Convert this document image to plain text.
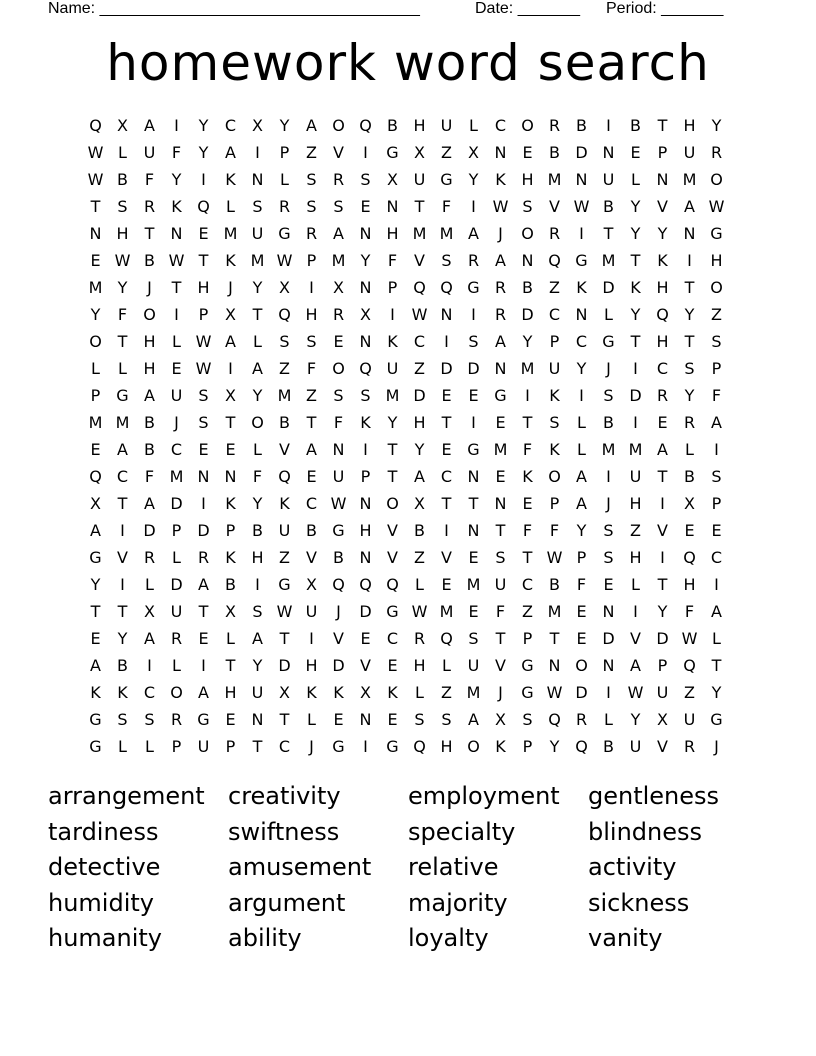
Name: ____________________________________	Date: _______ Period: _______
homework word search
Q X	A	I	Y	C X	Y	A O Q B H U	L	C O R B	I	B	T	H	Y
W L	U	F	Y	A	I	P	Z	V	I	G X	Z	X N E	B D N E	P	U R
W B	F	Y	I	K N	L	S	R	S	X U G Y	K H M N U	L	N M O
T	S	R	K Q	L	S	R	S	S	E N	T	F	I	W S	V W B	Y	V	A W
N H	T	N E M U G R A N H M M A	J	O R	I	T	Y	Y	N G
E W B W T	K M W P M Y	F	V	S	R A N Q G M T	K	I	H
M Y	J	T	H	J	Y	X	I	X N	P Q Q G R B	Z	K D K H	T O
Y	F	O	I	P	X	T Q H R X	I	W N	I	R D C N	L	Y Q Y	Z
O T	H	L W A	L	S	S	E N K	C	I	S	A	Y	P	C G T	H	T	S
L	L	H E W	I	A	Z	F	O Q U Z D D N M U	Y	J	I	C	S	P
P G A U	S	X	Y M Z	S	S M D E	E G	I	K	I	S D R	Y	F
M M B	J	S	T O B	T	F	K	Y	H	T	I	E	T	S	L	B	I	E	R A
E	A	B C	E	E	L	V	A N	I	T	Y	E G M F	K	L M M A	L	I
Q C	F M N N	F	Q E	U	P	T	A C N E	K O A	I	U	T	B	S
X	T	A D	I	K	Y	K	C W N O X	T	T	N E	P	A	J	H	I	X	P
A	I	D	P	D	P	B U B G H V	B	I	N	T	F	F	Y	S	Z	V	E	E
G V R	L	R	K H Z	V	B N V	Z	V	E	S	T W P	S H	I	Q C
Y	I	L	D A	B	I	G X Q Q Q	L	E M U C B	F	E	L	T	H	I
T	T	X U	T	X	S W U	J	D G W M E	F	Z M E N	I	Y	F	A
E	Y	A R	E	L	A	T	I	V	E	C R Q S	T	P	T	E D V D W L
A	B	I	L	I	T	Y D H D V	E H	L	U V G N O N A	P Q T
K	K	C O A H U X	K	K	X	K	L	Z M	J	G W D	I	W U Z	Y
G S	S	R G E N	T	L	E N E	S	S	A	X	S Q R	L	Y	X U G
G	L	L	P	U	P	T	C	J	G	I	G Q H O K	P	Y Q B U V R	J
arrangement creativity	employment	gentleness
tardiness	swiftness	specialty	blindness
detective	amusement	relative	activity
humidity	argument	majority	sickness
humanity	ability	loyalty	vanity
